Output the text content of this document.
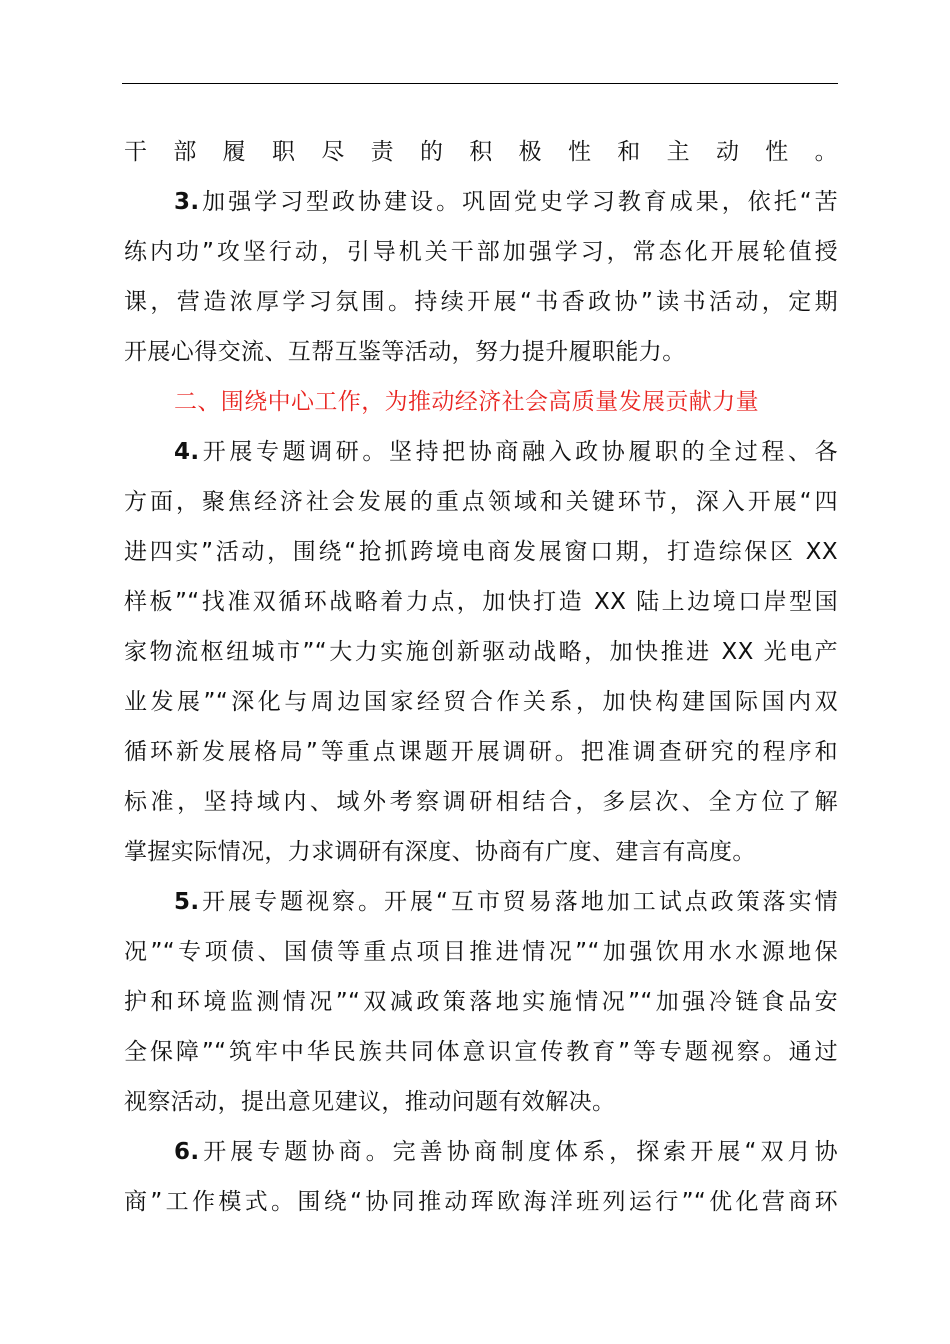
干部履职尽责的积极性和主动性。
3.加强学习型政协建设。巩固党史学习教育成果，依托“苦
练内功”攻坚行动，引导机关干部加强学习，常态化开展轮值授
课，营造浓厚学习氛围。持续开展“书香政协”读书活动，定期
开展心得交流、互帮互鉴等活动，努力提升履职能力。
二、围绕中心工作，为推动经济社会高质量发展贡献力量
4.开展专题调研。坚持把协商融入政协履职的全过程、各
方面，聚焦经济社会发展的重点领域和关键环节，深入开展“四
进四实”活动，围绕“抢抓跨境电商发展窗口期，打造综保区 XX
样板”“找准双循环战略着力点，加快打造 XX 陆上边境口岸型国
家物流枢纽城市”“大力实施创新驱动战略，加快推进 XX 光电产
业发展”“深化与周边国家经贸合作关系，加快构建国际国内双
循环新发展格局”等重点课题开展调研。把准调查研究的程序和
标准，坚持域内、域外考察调研相结合，多层次、全方位了解
掌握实际情况，力求调研有深度、协商有广度、建言有高度。
5.开展专题视察。开展“互市贸易落地加工试点政策落实情
况”“专项债、国债等重点项目推进情况”“加强饮用水水源地保
护和环境监测情况”“双减政策落地实施情况”“加强冷链食品安
全保障”“筑牢中华民族共同体意识宣传教育”等专题视察。通过
视察活动，提出意见建议，推动问题有效解决。
6.开展专题协商。完善协商制度体系，探索开展“双月协
商”工作模式。围绕“协同推动珲欧海洋班列运行”“优化营商环
